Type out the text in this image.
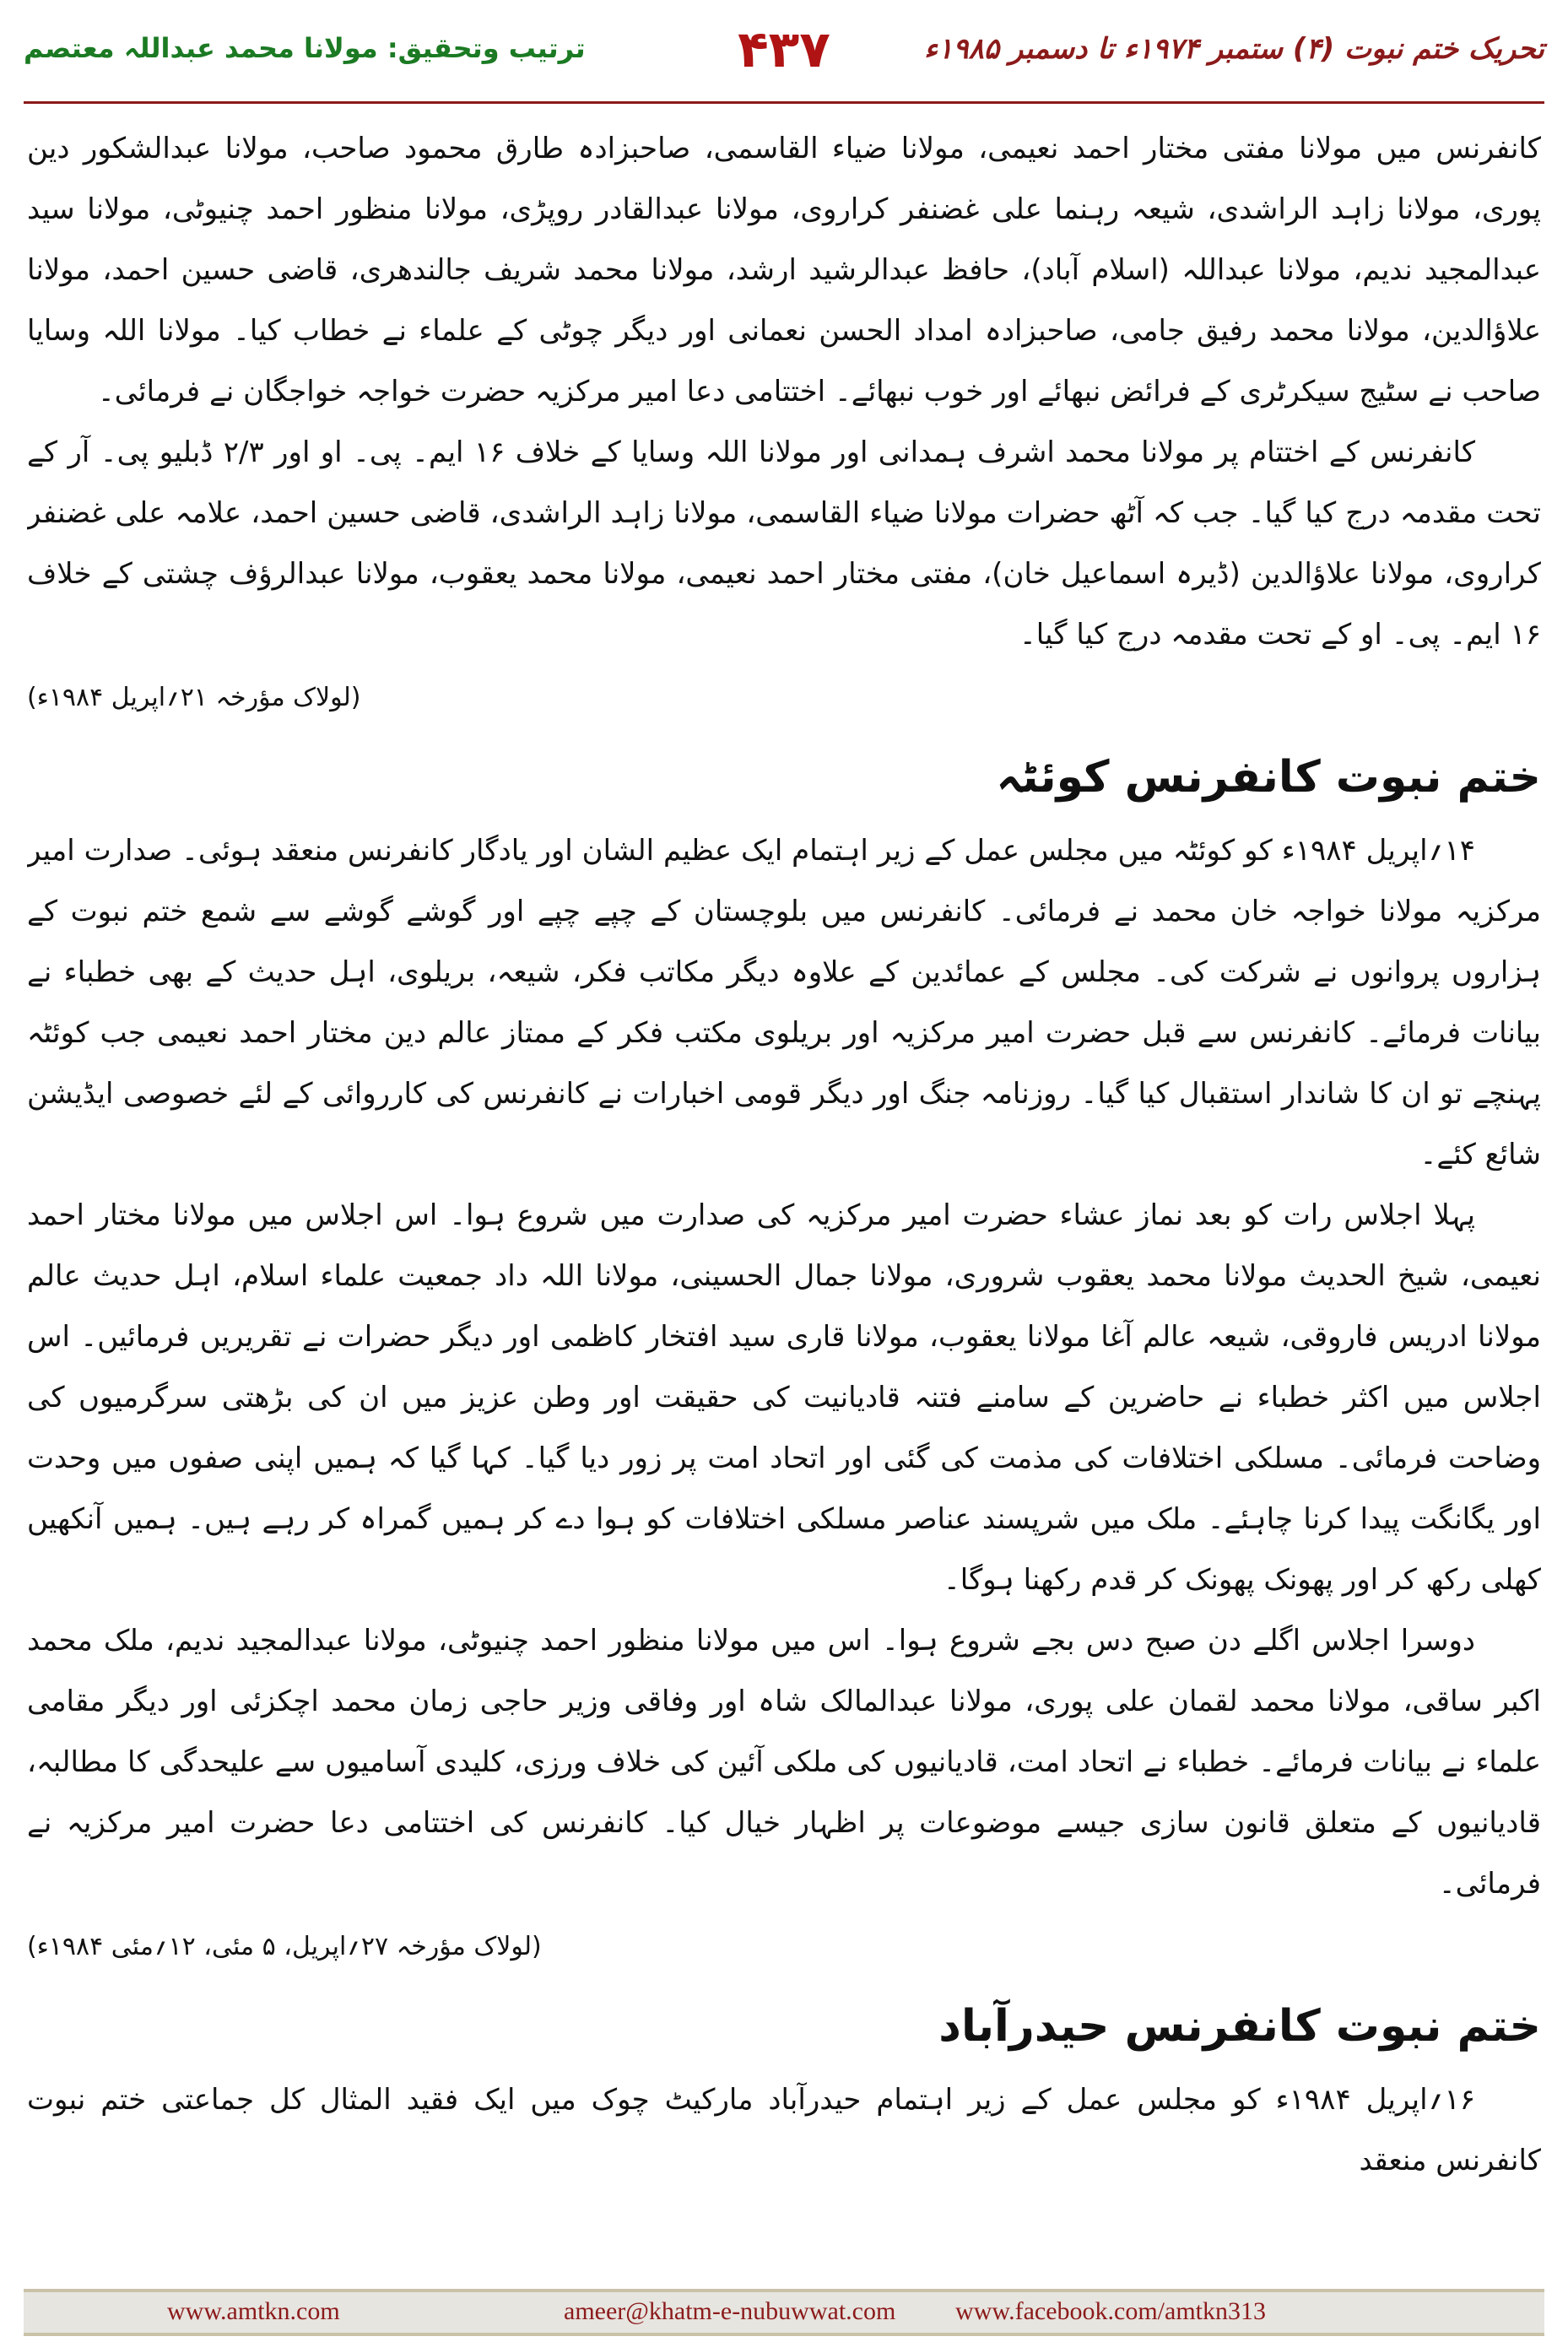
تحریک ختم نبوت (۴) ستمبر ۱۹۷۴ء تا دسمبر ۱۹۸۵ء
۴۳۷
ترتیب وتحقیق: مولانا محمد عبداللہ معتصم

کانفرنس میں مولانا مفتی مختار احمد نعیمی، مولانا ضیاء القاسمی، صاحبزادہ طارق محمود صاحب، مولانا عبدالشکور دین پوری، مولانا زاہد الراشدی، شیعہ رہنما علی غضنفر کراروی، مولانا عبدالقادر روپڑی، مولانا منظور احمد چنیوٹی، مولانا سید عبدالمجید ندیم، مولانا عبداللہ (اسلام آباد)، حافظ عبدالرشید ارشد، مولانا محمد شریف جالندھری، قاضی حسین احمد، مولانا علاؤالدین، مولانا محمد رفیق جامی، صاحبزادہ امداد الحسن نعمانی اور دیگر چوٹی کے علماء نے خطاب کیا۔ مولانا اللہ وسایا صاحب نے سٹیج سیکرٹری کے فرائض نبھائے اور خوب نبھائے۔ اختتامی دعا امیر مرکزیہ حضرت خواجہ خواجگان نے فرمائی۔

کانفرنس کے اختتام پر مولانا محمد اشرف ہمدانی اور مولانا اللہ وسایا کے خلاف ۱۶ ایم۔ پی۔ او اور ۲/۳ ڈبلیو پی۔ آر کے تحت مقدمہ درج کیا گیا۔ جب کہ آٹھ حضرات مولانا ضیاء القاسمی، مولانا زاہد الراشدی، قاضی حسین احمد، علامہ علی غضنفر کراروی، مولانا علاؤالدین (ڈیرہ اسماعیل خان)، مفتی مختار احمد نعیمی، مولانا محمد یعقوب، مولانا عبدالرؤف چشتی کے خلاف ۱۶ ایم۔ پی۔ او کے تحت مقدمہ درج کیا گیا۔

(لولاک مؤرخہ ۲۱؍اپریل ۱۹۸۴ء)

ختم نبوت کانفرنس کوئٹہ

۱۴؍اپریل ۱۹۸۴ء کو کوئٹہ میں مجلس عمل کے زیر اہتمام ایک عظیم الشان اور یادگار کانفرنس منعقد ہوئی۔ صدارت امیر مرکزیہ مولانا خواجہ خان محمد نے فرمائی۔ کانفرنس میں بلوچستان کے چپے چپے اور گوشے گوشے سے شمع ختم نبوت کے ہزاروں پروانوں نے شرکت کی۔ مجلس کے عمائدین کے علاوہ دیگر مکاتب فکر، شیعہ، بریلوی، اہل حدیث کے بھی خطباء نے بیانات فرمائے۔ کانفرنس سے قبل حضرت امیر مرکزیہ اور بریلوی مکتب فکر کے ممتاز عالم دین مختار احمد نعیمی جب کوئٹہ پہنچے تو ان کا شاندار استقبال کیا گیا۔ روزنامہ جنگ اور دیگر قومی اخبارات نے کانفرنس کی کارروائی کے لئے خصوصی ایڈیشن شائع کئے۔

پہلا اجلاس رات کو بعد نماز عشاء حضرت امیر مرکزیہ کی صدارت میں شروع ہوا۔ اس اجلاس میں مولانا مختار احمد نعیمی، شیخ الحدیث مولانا محمد یعقوب شروری، مولانا جمال الحسینی، مولانا اللہ داد جمعیت علماء اسلام، اہل حدیث عالم مولانا ادریس فاروقی، شیعہ عالم آغا مولانا یعقوب، مولانا قاری سید افتخار کاظمی اور دیگر حضرات نے تقریریں فرمائیں۔ اس اجلاس میں اکثر خطباء نے حاضرین کے سامنے فتنہ قادیانیت کی حقیقت اور وطن عزیز میں ان کی بڑھتی سرگرمیوں کی وضاحت فرمائی۔ مسلکی اختلافات کی مذمت کی گئی اور اتحاد امت پر زور دیا گیا۔ کہا گیا کہ ہمیں اپنی صفوں میں وحدت اور یگانگت پیدا کرنا چاہئے۔ ملک میں شرپسند عناصر مسلکی اختلافات کو ہوا دے کر ہمیں گمراہ کر رہے ہیں۔ ہمیں آنکھیں کھلی رکھ کر اور پھونک پھونک کر قدم رکھنا ہوگا۔

دوسرا اجلاس اگلے دن صبح دس بجے شروع ہوا۔ اس میں مولانا منظور احمد چنیوٹی، مولانا عبدالمجید ندیم، ملک محمد اکبر ساقی، مولانا محمد لقمان علی پوری، مولانا عبدالمالک شاہ اور وفاقی وزیر حاجی زمان محمد اچکزئی اور دیگر مقامی علماء نے بیانات فرمائے۔ خطباء نے اتحاد امت، قادیانیوں کی ملکی آئین کی خلاف ورزی، کلیدی آسامیوں سے علیحدگی کا مطالبہ، قادیانیوں کے متعلق قانون سازی جیسے موضوعات پر اظہار خیال کیا۔ کانفرنس کی اختتامی دعا حضرت امیر مرکزیہ نے فرمائی۔

(لولاک مؤرخہ ۲۷؍اپریل، ۵ مئی، ۱۲؍مئی ۱۹۸۴ء)

ختم نبوت کانفرنس حیدرآباد

۱۶؍اپریل ۱۹۸۴ء کو مجلس عمل کے زیر اہتمام حیدرآباد مارکیٹ چوک میں ایک فقید المثال کل جماعتی ختم نبوت کانفرنس منعقد

www.amtkn.com	ameer@khatm-e-nubuwwat.com www.facebook.com/amtkn313
